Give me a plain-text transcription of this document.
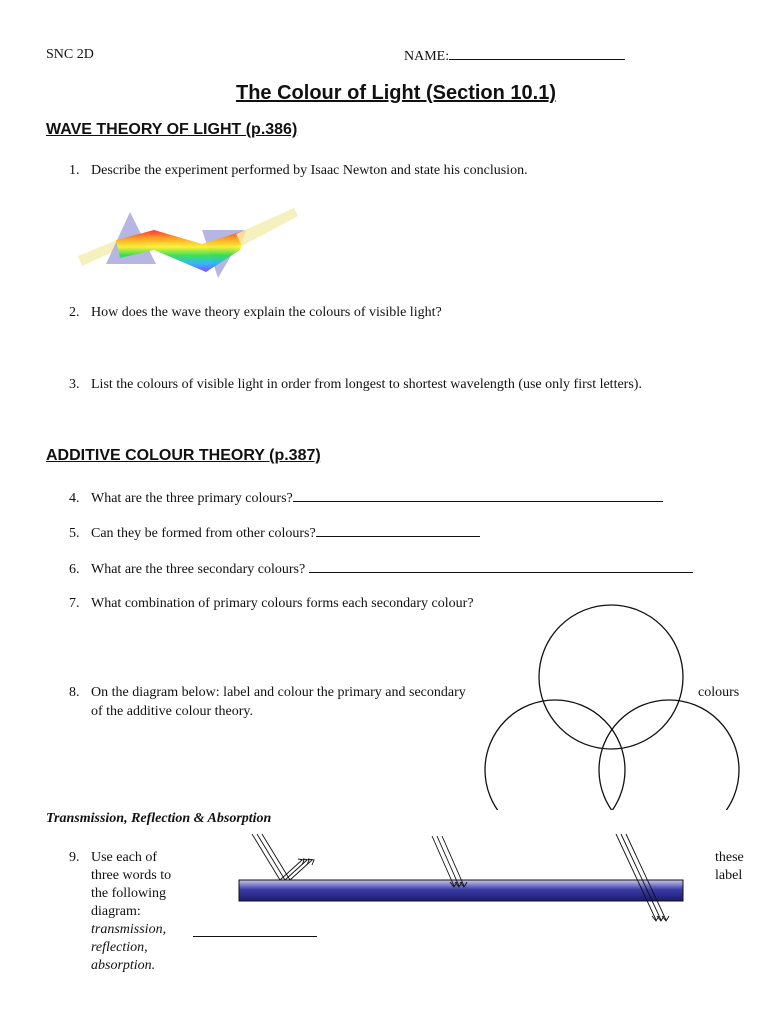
SNC 2D	NAME:
The Colour of Light (Section 10.1)
WAVE THEORY OF LIGHT (p.386)
1. Describe the experiment performed by Isaac Newton and state his conclusion.
2. How does the wave theory explain the colours of visible light?
3. List the colours of visible light in order from longest to shortest wavelength (use only first letters).
ADDITIVE COLOUR THEORY (p.387)
4. What are the three primary colours?
5. Can they be formed from other colours?
6. What are the three secondary colours?
7. What combination of primary colours forms each secondary colour?
8. On the diagram below: label and colour the primary and secondary	colours
of the additive colour theory.
Transmission, Reflection & Absorption
9. Use each of
three words to
the following
diagram:
transmission,
reflection,
absorption.
these
label
